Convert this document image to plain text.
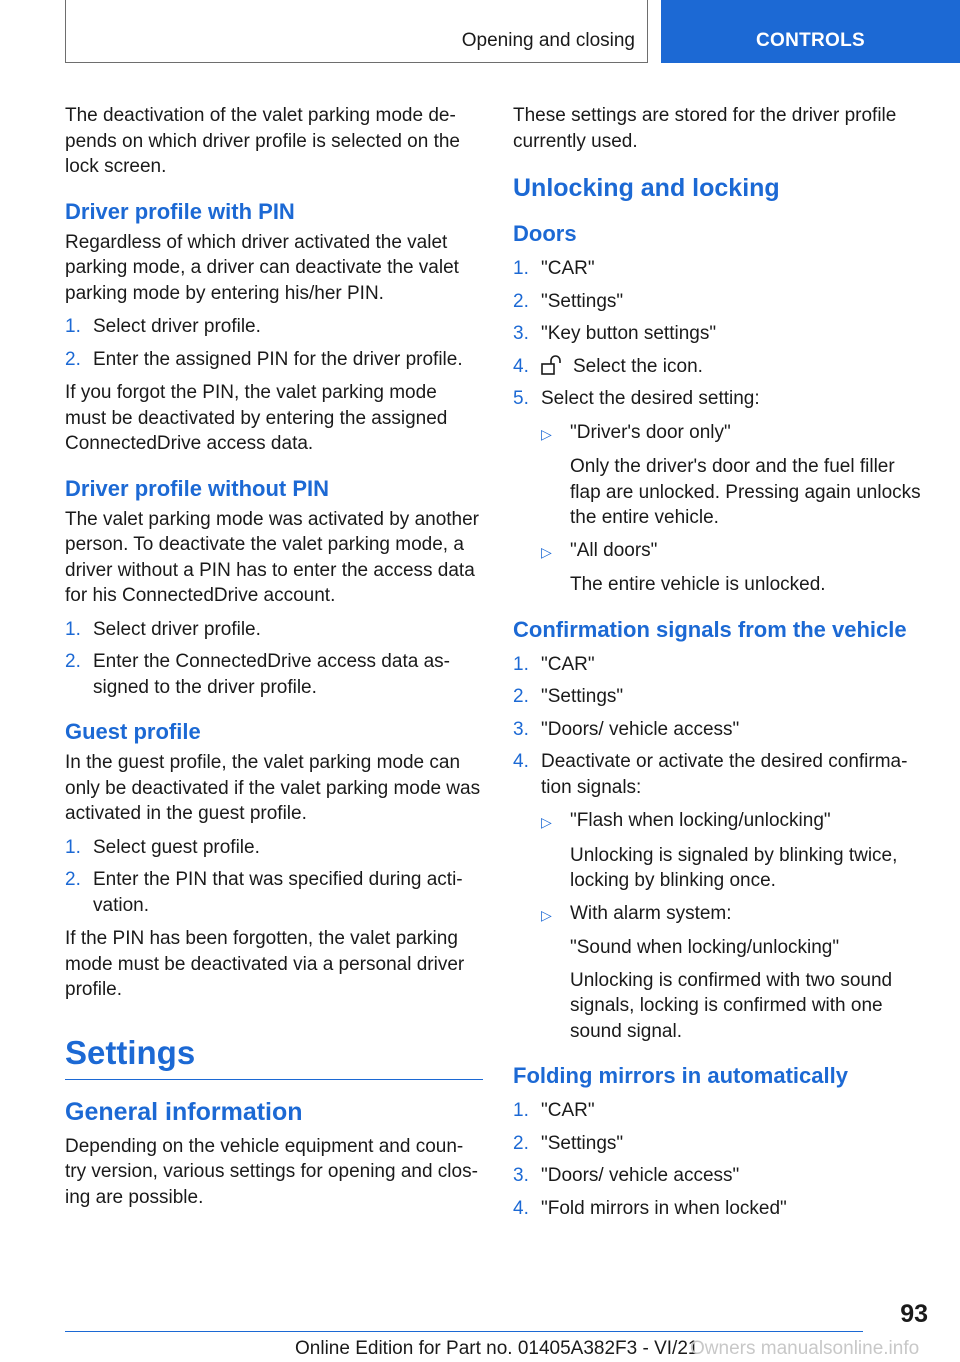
Opening and closing	CONTROLS

The deactivation of the valet parking mode de-pends on which driver profile is selected on the lock screen.

Driver profile with PIN

Regardless of which driver activated the valet parking mode, a driver can deactivate the valet parking mode by entering his/her PIN.

1. Select driver profile.
2. Enter the assigned PIN for the driver profile.

If you forgot the PIN, the valet parking mode must be deactivated by entering the assigned ConnectedDrive access data.

Driver profile without PIN

The valet parking mode was activated by another person. To deactivate the valet parking mode, a driver without a PIN has to enter the access data for his ConnectedDrive account.

1. Select driver profile.
2. Enter the ConnectedDrive access data as-signed to the driver profile.
Guest profile

In the guest profile, the valet parking mode can only be deactivated if the valet parking mode was activated in the guest profile.

1. Select guest profile.
2. Enter the PIN that was specified during acti-vation.

If the PIN has been forgotten, the valet parking mode must be deactivated via a personal driver profile.

Settings
General information

Depending on the vehicle equipment and coun-try version, various settings for opening and clos-ing are possible.

These settings are stored for the driver profile currently used.

Unlocking and locking
Doors
1. "CAR"
2. "Settings"
3. "Key button settings"
4.	Select the icon.
5. Select the desired setting:
▷ "Driver's door only"
Only the driver's door and the fuel filler flap are unlocked. Pressing again unlocks the entire vehicle.
▷ "All doors"
The entire vehicle is unlocked.
Confirmation signals from the vehicle
1. "CAR"
2. "Settings"
3. "Doors/ vehicle access"
4. Deactivate or activate the desired confirma-tion signals:
▷ "Flash when locking/unlocking"
Unlocking is signaled by blinking twice, locking by blinking once.
▷ With alarm system:
"Sound when locking/unlocking"
Unlocking is confirmed with two sound signals, locking is confirmed with one sound signal.
Folding mirrors in automatically
1. "CAR"
2. "Settings"
3. "Doors/ vehicle access"
4. "Fold mirrors in when locked"
93
Online Edition for Part no. 01405A382F3 - VI/21
Owners manualsonline.info
